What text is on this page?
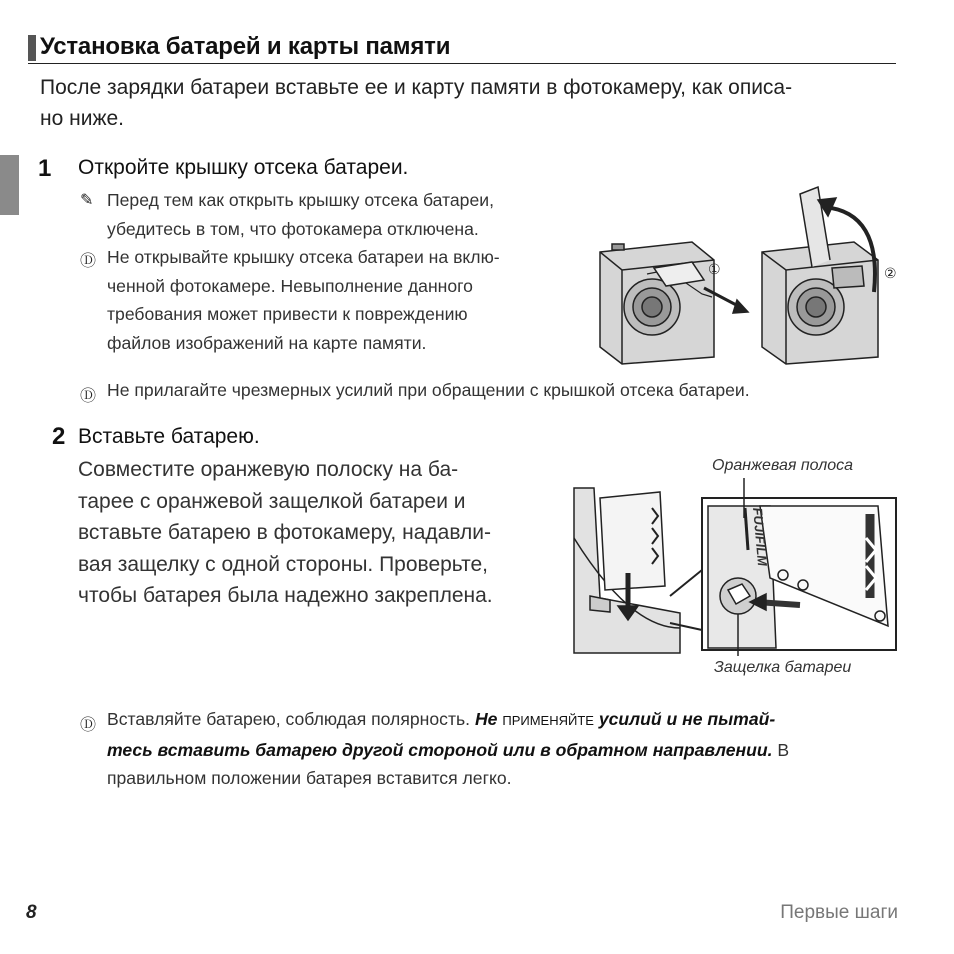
Установка батарей и карты памяти
После зарядки батареи вставьте ее и карту памяти в фотокамеру, как описа-
но ниже.
1 Откройте крышку отсека батареи.
✎ Перед тем как открыть крышку отсека батареи,
убедитесь в том, что фотокамера отключена.
Ⓓ Не открывайте крышку отсека батареи на вклю-
ченной фотокамере. Невыполнение данного
требования может привести к повреждению
файлов изображений на карте памяти.
①	②
Ⓓ Не прилагайте чрезмерных усилий при обращении с крышкой отсека батареи.
2 Вставьте батарею.
Совместите оранжевую полоску на ба-
тарее с оранжевой защелкой батареи и
вставьте батарею в фотокамеру, надавли-
вая защелку с одной стороны. Проверьте,
чтобы батарея была надежно закреплена.
Оранжевая полоса
Защелка батареи
FUJIFILM
Ⓓ Вставляйте батарею, соблюдая полярность. Не ПРИМЕНЯЙТЕ усилий и не пытай-
тесь вставить батарею другой стороной или в обратном направлении. В
правильном положении батарея вставится легко.
8	Первые шаги
